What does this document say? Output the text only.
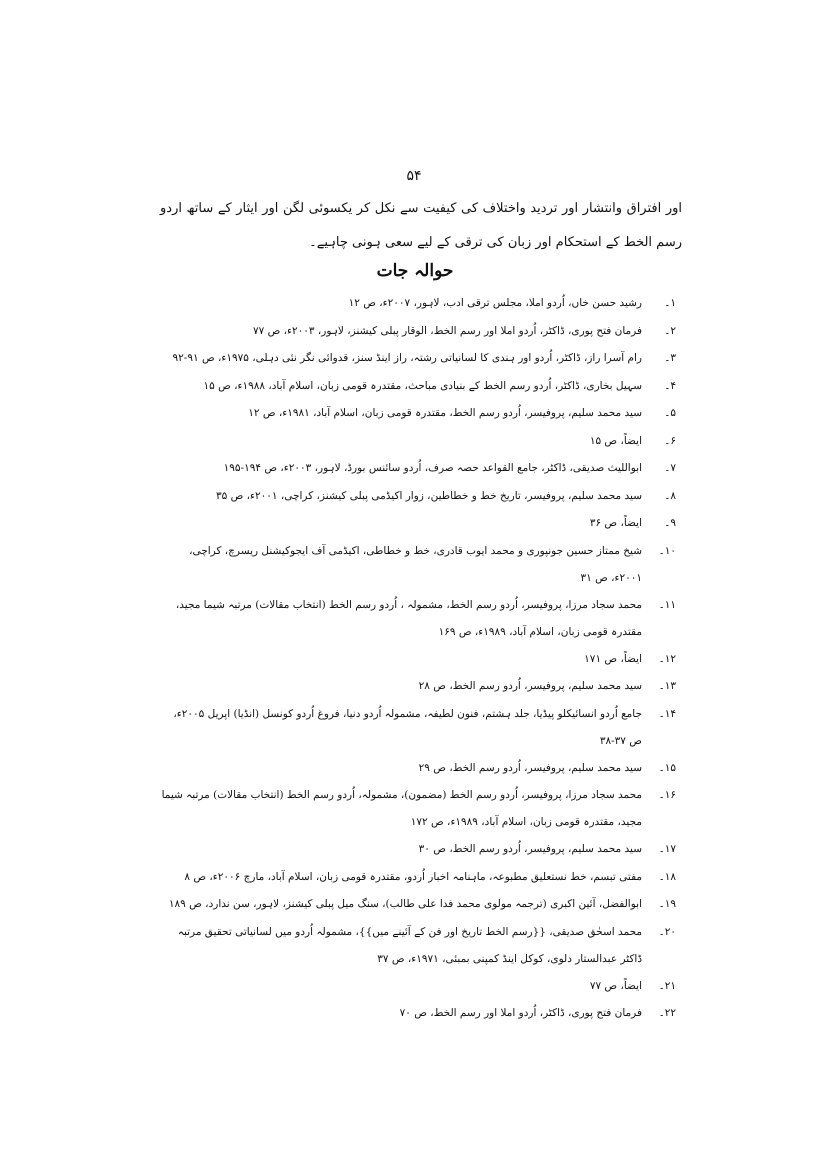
۵۴

اور افتراق وانتشار اور تردید واختلاف کی کیفیت سے نکل کر یکسوئی لگن اور ایثار کے ساتھ اردو رسم الخط کے استحکام اور زبان کی ترقی کے لیے سعی ہونی چاہیے۔

حوالہ جات
۱۔
رشید حسن خاں، اُردو املا، مجلس ترقی ادب، لاہور، ۲۰۰۷ء، ص ۱۲
۲۔
فرمان فتح پوری، ڈاکٹر، اُردو املا اور رسم الخط، الوقار پبلی کیشنز، لاہور، ۲۰۰۳ء، ص ۷۷
۳۔
رام آسرا راز، ڈاکٹر، اُردو اور ہندی کا لسانیاتی رشتہ، راز اینڈ سنز، قدوائی نگر نئی دہلی، ۱۹۷۵ء، ص ۹۱-۹۲
۴۔
سہیل بخاری، ڈاکٹر، اُردو رسم الخط کے بنیادی مباحث، مقتدرہ قومی زبان، اسلام آباد، ۱۹۸۸ء، ص ۱۵
۵۔
سید محمد سلیم، پروفیسر، اُردو رسم الخط، مقتدرہ قومی زبان، اسلام آباد، ۱۹۸۱ء، ص ۱۲
۶۔
ایضاً، ص ۱۵
۷۔
ابواللیث صدیقی، ڈاکٹر، جامع القواعد حصہ صرف، اُردو سائنس بورڈ، لاہور، ۲۰۰۳ء، ص ۱۹۴-۱۹۵
۸۔
سید محمد سلیم، پروفیسر، تاریخ خط و خطاطین، زوار اکیڈمی پبلی کیشنز، کراچی، ۲۰۰۱ء، ص ۳۵
۹۔
ایضاً، ص ۳۶
۱۰۔
شیخ ممتاز حسین جونپوری و محمد ایوب قادری، خط و خطاطی، اکیڈمی آف ایجوکیشنل ریسرچ، کراچی، ۲۰۰۱ء، ص ۳۱
۱۱۔
محمد سجاد مرزا، پروفیسر، اُردو رسم الخط، مشمولہ ، اُردو رسم الخط (انتخاب مقالات) مرتبہ شیما مجید، مقتدرہ قومی زبان، اسلام آباد، ۱۹۸۹ء، ص ۱۶۹
۱۲۔
ایضاً، ص ۱۷۱
۱۳۔
سید محمد سلیم، پروفیسر، اُردو رسم الخط، ص ۲۸
۱۴۔
جامع اُردو انسائیکلو پیڈیا، جلد ہشتم، فنون لطیفہ، مشمولہ اُردو دنیا، فروغ اُردو کونسل (انڈیا) اپریل ۲۰۰۵ء، ص ۳۷-۳۸
۱۵۔
سید محمد سلیم، پروفیسر، اُردو رسم الخط، ص ۲۹
۱۶۔
محمد سجاد مرزا، پروفیسر، اُردو رسم الخط (مضمون)، مشمولہ، اُردو رسم الخط (انتخاب مقالات) مرتبہ شیما مجید، مقتدرہ قومی زبان، اسلام آباد، ۱۹۸۹ء، ص ۱۷۲
۱۷۔
سید محمد سلیم، پروفیسر، اُردو رسم الخط، ص ۳۰
۱۸۔
مفتی تبسم، خط نستعلیق مطبوعہ، ماہنامہ اخبار اُردو، مقتدرہ قومی زبان، اسلام آباد، مارچ ۲۰۰۶ء، ص ۸
۱۹۔
ابوالفضل، آئین اکبری (ترجمہ مولوی محمد فدا علی طالب)، سنگ میل پبلی کیشنز، لاہور، سن ندارد، ص ۱۸۹
۲۰۔
محمد اسحٰق صدیقی، {{رسم الخط تاریخ اور فن کے آئینے میں}}، مشمولہ اُردو میں لسانیاتی تحقیق مرتبہ ڈاکٹر عبدالستار دلوی، کوکل اینڈ کمپنی بمبئی، ۱۹۷۱ء، ص ۳۷
۲۱۔
ایضاً، ص ۷۷
۲۲۔
فرمان فتح پوری، ڈاکٹر، اُردو املا اور رسم الخط، ص ۷۰
